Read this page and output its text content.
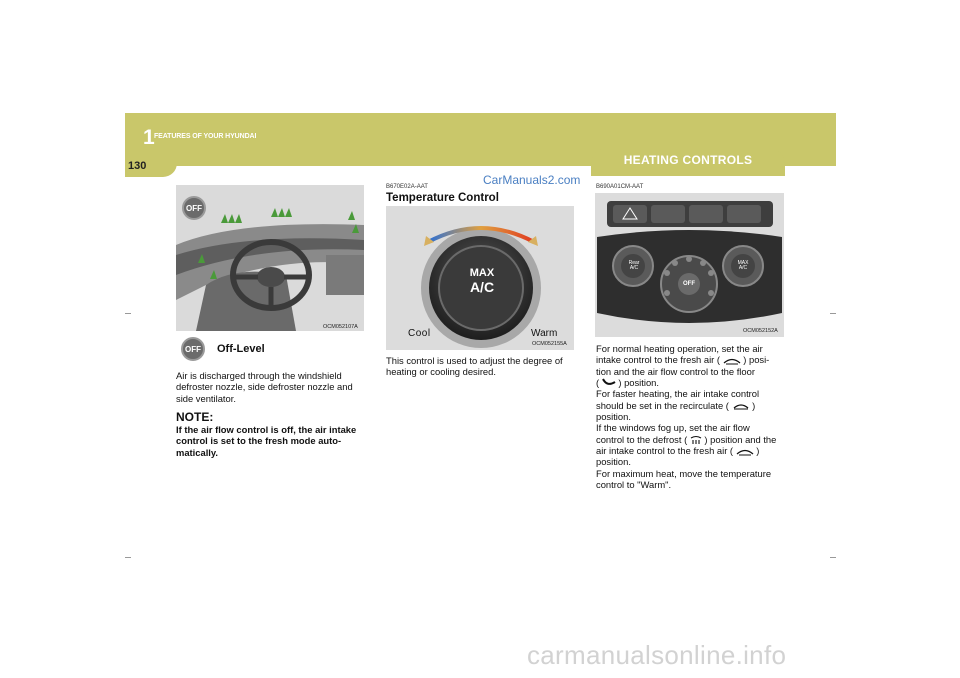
1 FEATURES OF YOUR HYUNDAI
130	HEATING CONTROLS
CarManuals2.com
carmanualsonline.info
OFF
OCM052107A
OFF	Off-Level
Air is discharged through the windshield
defroster nozzle, side defroster nozzle and
side ventilator.
NOTE:
If the air flow control is off, the air intake
control is set to the fresh mode auto-
matically.
B670E02A-AAT
Temperature Control
MAX
A/C
Cool	Warm
OCM052155A
This control is used to adjust the degree of
heating or cooling desired.
B690A01CM-AAT
Rear A/C
OFF
MAX A/C
OCM052152A
For normal heating operation, set the air
intake control to the fresh air ( ) posi-
tion and the air flow control to the floor
( ) position.
For faster heating, the air intake control
should be set in the recirculate ( )
position.
If the windows fog up, set the air flow
control to the defrost ( ) position and the
air intake control to the fresh air ( )
position.
For maximum heat, move the temperature
control to "Warm".
